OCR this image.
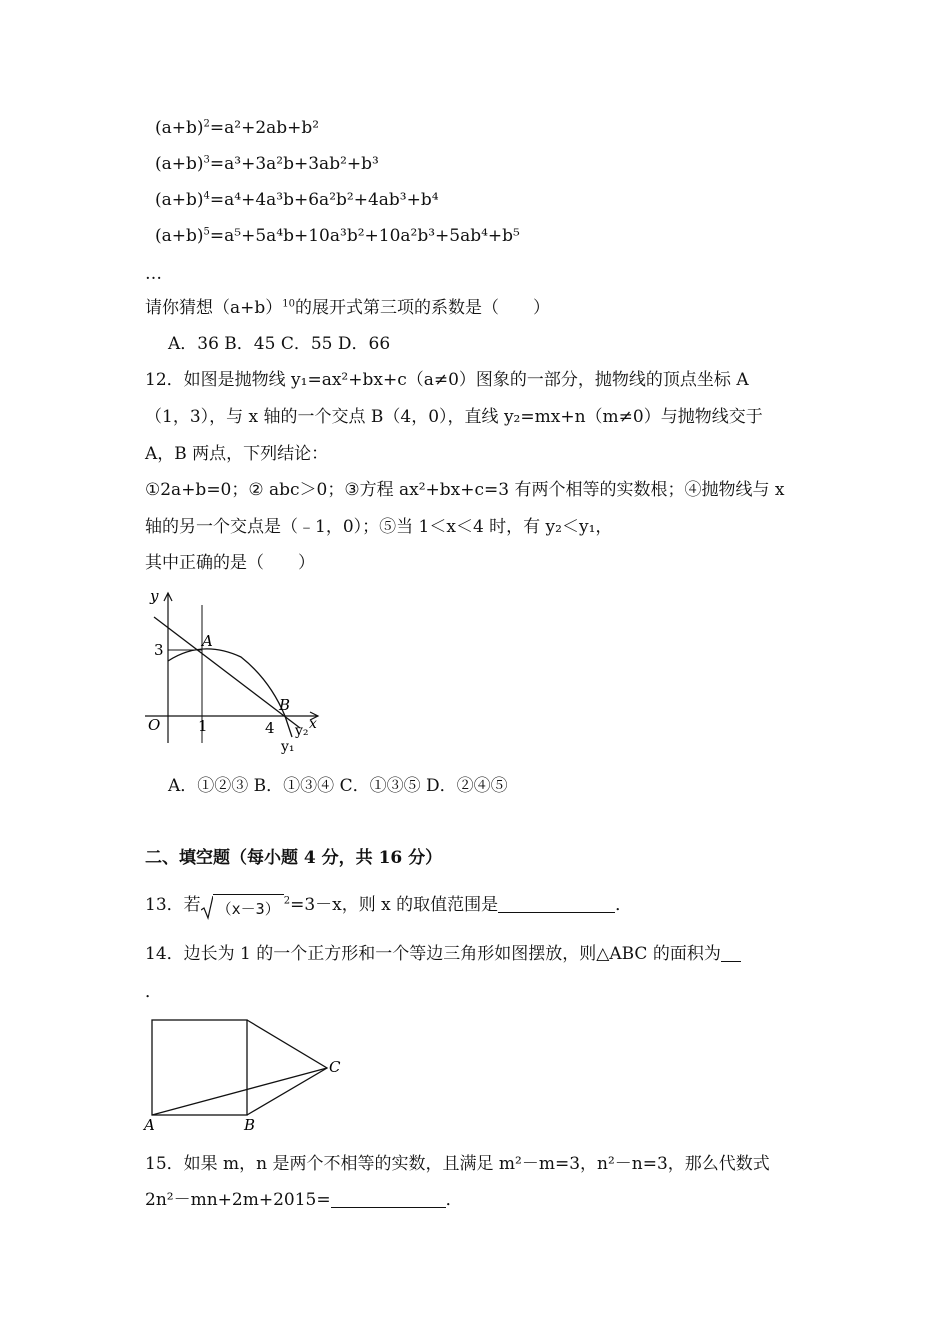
$(a+b)^2=a^2+2ab+b^2$
$(a+b)^3=a^3+3a^2b+3ab^2+b^3$
$(a+b)^4=a^4+4a^3b+6a^2b^2+4ab^3+b^4$
$(a+b)^5=a^5+5a^4b+10a^3b^2+10a^2b^3+5ab^4+b^5$
…
请你猜想$(a+b)^{10}$的展开式第三项的系数是（　　）
A．36 B．45 C．55 D．66
12．如图是抛物线 y₁=ax²+bx+c（a≠0）图象的一部分，抛物线的顶点坐标 A
（1，3），与 x 轴的一个交点 B（4，0），直线 y₂=mx+n（m≠0）与抛物线交于
A，B 两点，下列结论：
①2a+b=0；② abc＞0；③方程 ax²+bx+c=3 有两个相等的实数根；④抛物线与 x
轴的另一个交点是（﹣1，0）；⑤当 1＜x＜4 时，有 y₂＜y₁，
其中正确的是（　　）
y
x
O
3
1	4
A
B
y₂
y₁
A．①②③ B．①③④ C．①③⑤ D．②④⑤
二、填空题（每小题 4 分，共 16 分）
13．若 （x－3） $^2$=3－x，则 x 的取值范围是	．
14．边长为 1 的一个正方形和一个等边三角形如图摆放，则△ABC 的面积为
．
A	B
C
15．如果 m，n 是两个不相等的实数，且满足 m²－m=3，n²－n=3，那么代数式
2n²－mn+2m+2015=	．
